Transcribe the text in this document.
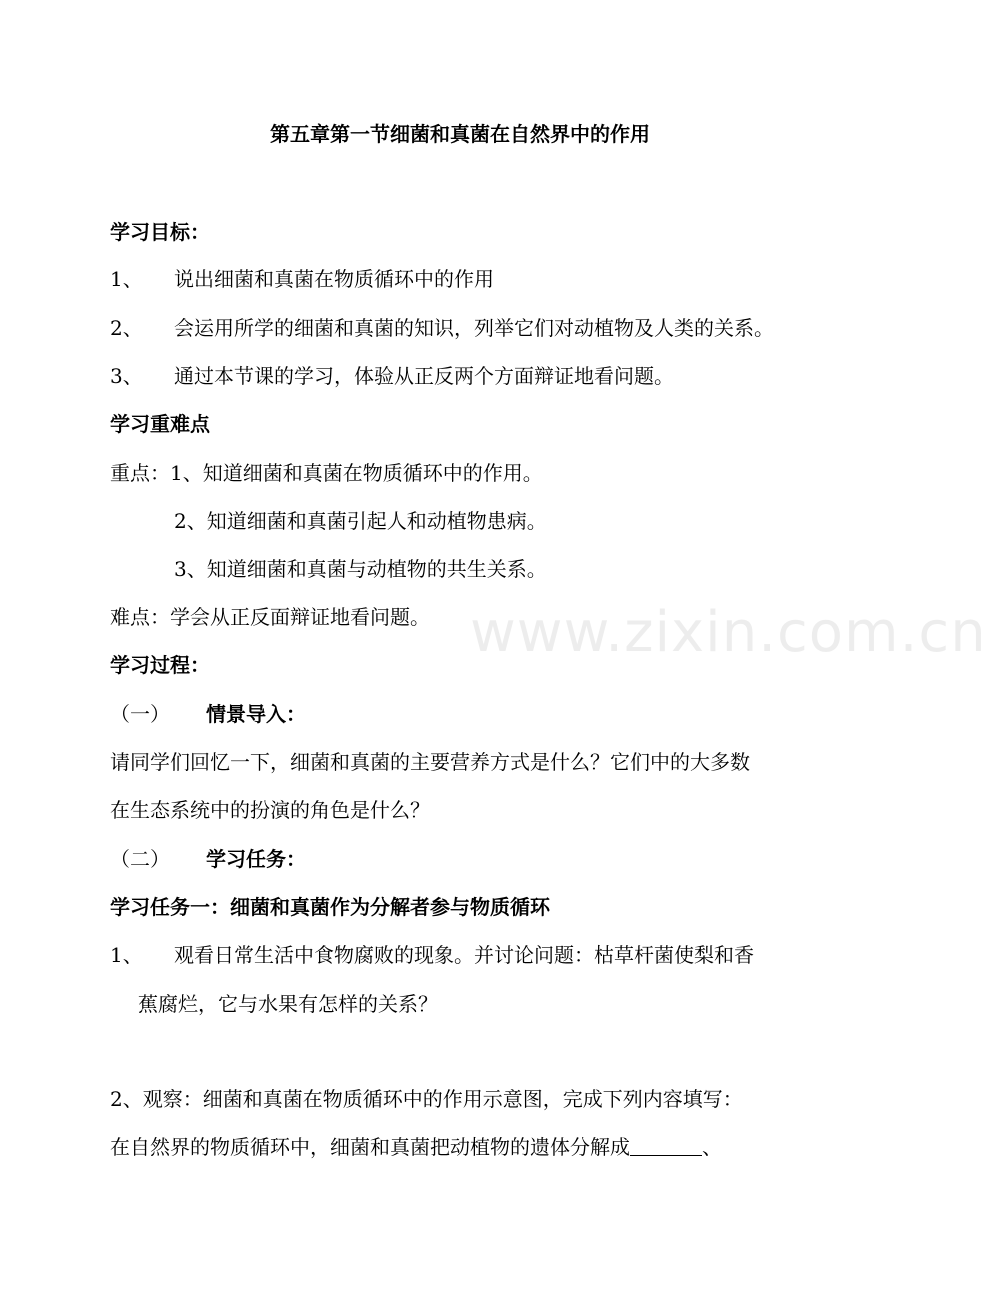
第五章第一节细菌和真菌在自然界中的作用
学习目标：
1、 说出细菌和真菌在物质循环中的作用
2、 会运用所学的细菌和真菌的知识，列举它们对动植物及人类的关系。
3、 通过本节课的学习，体验从正反两个方面辩证地看问题。
学习重难点
重点：1、知道细菌和真菌在物质循环中的作用。
2、知道细菌和真菌引起人和动植物患病。
3、知道细菌和真菌与动植物的共生关系。
难点：学会从正反面辩证地看问题。
学习过程：
（一） 情景导入：
请同学们回忆一下，细菌和真菌的主要营养方式是什么？它们中的大多数
在生态系统中的扮演的角色是什么？
（二） 学习任务：
学习任务一：细菌和真菌作为分解者参与物质循环
1、 观看日常生活中食物腐败的现象。并讨论问题：枯草杆菌使梨和香
蕉腐烂，它与水果有怎样的关系？
2、观察：细菌和真菌在物质循环中的作用示意图，完成下列内容填写：
在自然界的物质循环中，细菌和真菌把动植物的遗体分解成	、
www.zixin.com.cn
